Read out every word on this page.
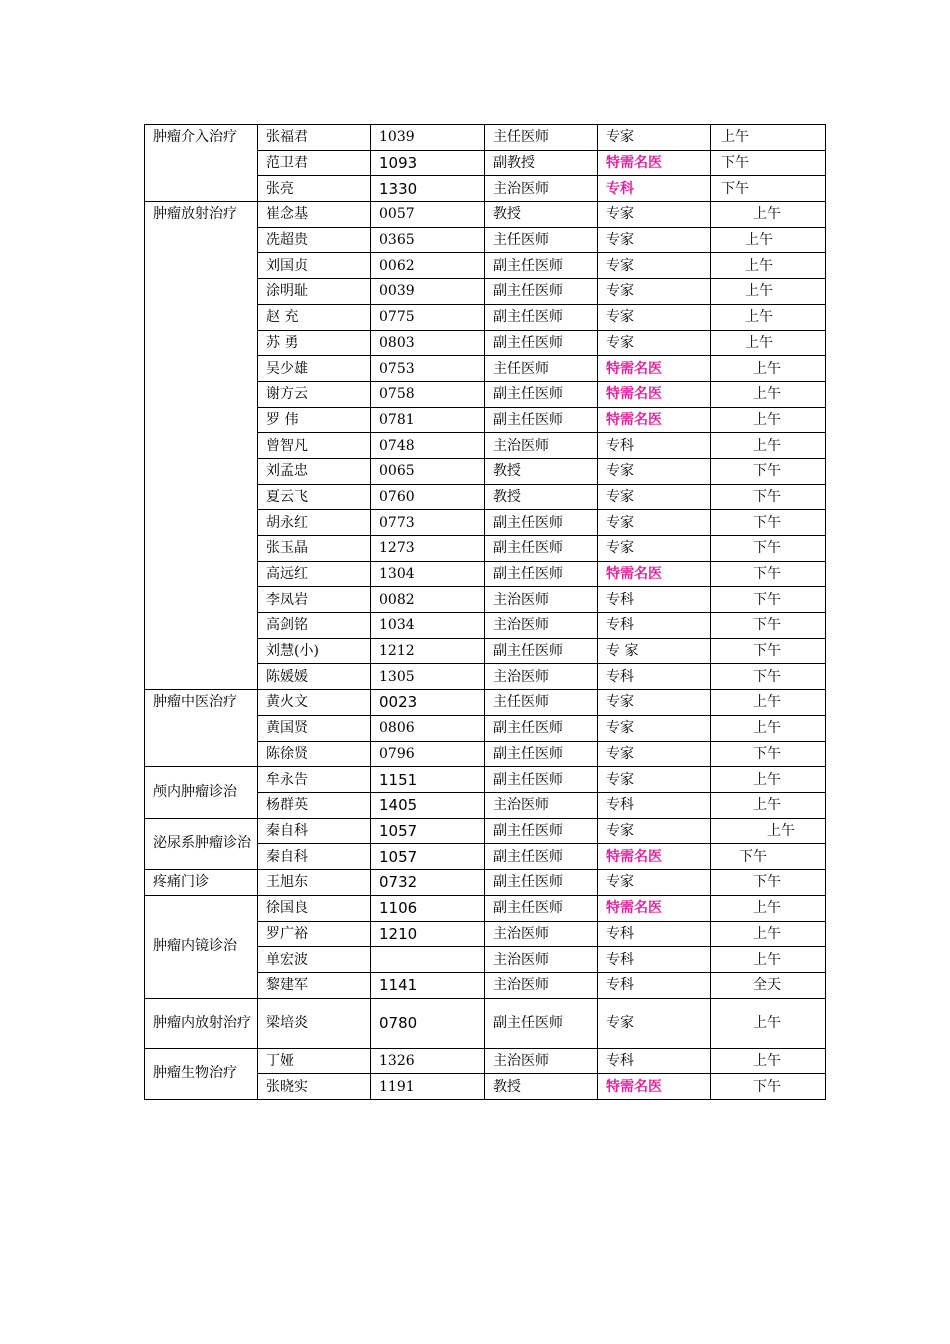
肿瘤介入治疗	张福君	1039	主任医师	专家	上午
	范卫君	1093	副教授	特需名医	下午
	张亮	1330	主治医师	专科	下午
肿瘤放射治疗	崔念基	0057	教授	专家	上午
	冼超贵	0365	主任医师	专家	上午
	刘国贞	0062	副主任医师	专家	上午
	涂明耻	0039	副主任医师	专家	上午
	赵 充	0775	副主任医师	专家	上午
	苏 勇	0803	副主任医师	专家	上午
	吴少雄	0753	主任医师	特需名医	上午
	谢方云	0758	副主任医师	特需名医	上午
	罗 伟	0781	副主任医师	特需名医	上午
	曾智凡	0748	主治医师	专科	上午
	刘孟忠	0065	教授	专家	下午
	夏云飞	0760	教授	专家	下午
	胡永红	0773	副主任医师	专家	下午
	张玉晶	1273	副主任医师	专家	下午
	高远红	1304	副主任医师	特需名医	下午
	李凤岩	0082	主治医师	专科	下午
	高剑铭	1034	主治医师	专科	下午
	刘慧(小)	1212	副主任医师	专 家	下午
	陈媛媛	1305	主治医师	专科	下午
肿瘤中医治疗	黄火文	0023	主任医师	专家	上午
	黄国贤	0806	副主任医师	专家	上午
	陈徐贤	0796	副主任医师	专家	下午
颅内肿瘤诊治	牟永告	1151	副主任医师	专家	上午
	杨群英	1405	主治医师	专科	上午
泌尿系肿瘤诊治	秦自科	1057	副主任医师	专家	上午
	秦自科	1057	副主任医师	特需名医	下午
疼痛门诊	王旭东	0732	副主任医师	专家	下午
肿瘤内镜诊治	徐国良	1106	副主任医师	特需名医	上午
	罗广裕	1210	主治医师	专科	上午
	单宏波		主治医师	专科	上午
	黎建军	1141	主治医师	专科	全天
肿瘤内放射治疗	梁培炎	0780	副主任医师	专家	上午
肿瘤生物治疗	丁娅	1326	主治医师	专科	上午
	张晓实	1191	教授	特需名医	下午
